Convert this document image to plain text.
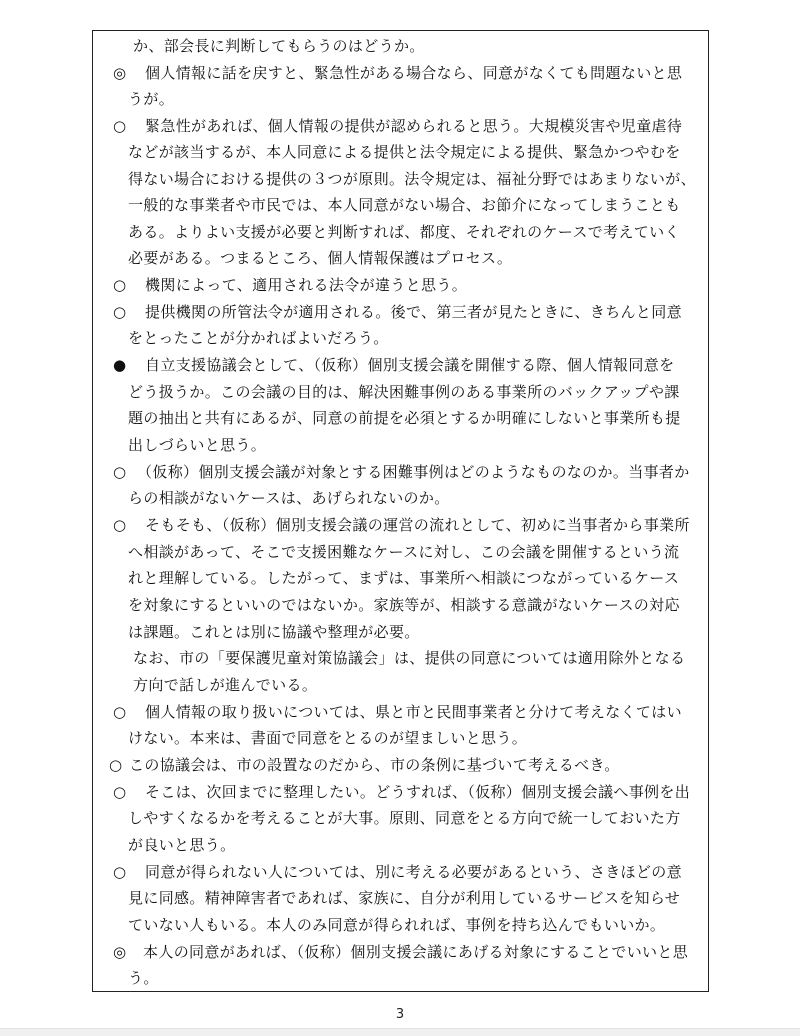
◎
○
○
○
●
○
○
○
○
○
○
◎
か、部会長に判断してもらうのはどうか。
個人情報に話を戻すと、緊急性がある場合なら、同意がなくても問題ないと思
うが。
緊急性があれば、個人情報の提供が認められると思う。大規模災害や児童虐待
などが該当するが、本人同意による提供と法令規定による提供、緊急かつやむを
得ない場合における提供の３つが原則。法令規定は、福祉分野ではあまりないが、
一般的な事業者や市民では、本人同意がない場合、お節介になってしまうことも
ある。よりよい支援が必要と判断すれば、都度、それぞれのケースで考えていく
必要がある。つまるところ、個人情報保護はプロセス。
機関によって、適用される法令が違うと思う。
提供機関の所管法令が適用される。後で、第三者が見たときに、きちんと同意
をとったことが分かればよいだろう。
自立支援協議会として、（仮称）個別支援会議を開催する際、個人情報同意を
どう扱うか。この会議の目的は、解決困難事例のある事業所のバックアップや課
題の抽出と共有にあるが、同意の前提を必須とするか明確にしないと事業所も提
出しづらいと思う。
（仮称）個別支援会議が対象とする困難事例はどのようなものなのか。当事者か
らの相談がないケースは、あげられないのか。
そもそも、（仮称）個別支援会議の運営の流れとして、初めに当事者から事業所
へ相談があって、そこで支援困難なケースに対し、この会議を開催するという流
れと理解している。したがって、まずは、事業所へ相談につながっているケース
を対象にするといいのではないか。家族等が、相談する意識がないケースの対応
は課題。これとは別に協議や整理が必要。
なお、市の「要保護児童対策協議会」は、提供の同意については適用除外となる
方向で話しが進んでいる。
個人情報の取り扱いについては、県と市と民間事業者と分けて考えなくてはい
けない。本来は、書面で同意をとるのが望ましいと思う。
この協議会は、市の設置なのだから、市の条例に基づいて考えるべき。
そこは、次回までに整理したい。どうすれば、（仮称）個別支援会議へ事例を出
しやすくなるかを考えることが大事。原則、同意をとる方向で統一しておいた方
が良いと思う。
同意が得られない人については、別に考える必要があるという、さきほどの意
見に同感。精神障害者であれば、家族に、自分が利用しているサービスを知らせ
ていない人もいる。本人のみ同意が得られれば、事例を持ち込んでもいいか。
本人の同意があれば、（仮称）個別支援会議にあげる対象にすることでいいと思
う。
3
